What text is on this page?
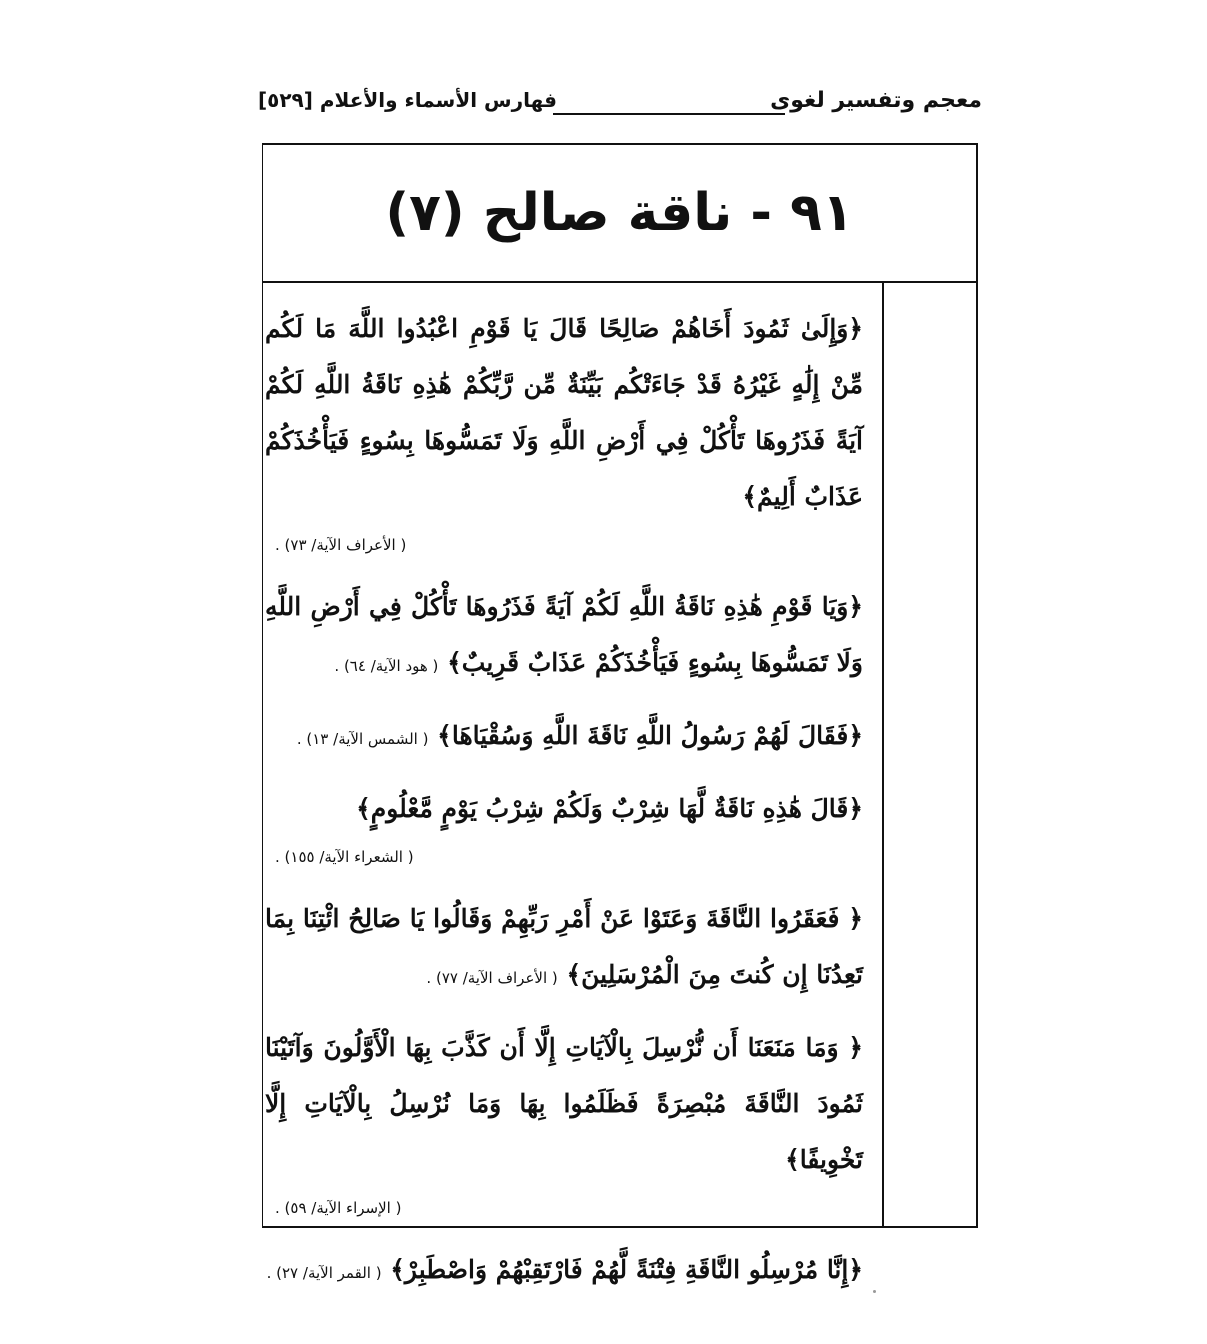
معجم وتفسير لغوى
فهارس الأسماء والأعلام [٥٢٩]
٩١ - ناقة صالح (٧)
﴿وَإِلَىٰ ثَمُودَ أَخَاهُمْ صَالِحًا قَالَ يَا قَوْمِ اعْبُدُوا اللَّهَ مَا لَكُم مِّنْ إِلَٰهٍ غَيْرُهُ قَدْ جَاءَتْكُم بَيِّنَةٌ مِّن رَّبِّكُمْ هَٰذِهِ نَاقَةُ اللَّهِ لَكُمْ آيَةً فَذَرُوهَا تَأْكُلْ فِي أَرْضِ اللَّهِ وَلَا تَمَسُّوهَا بِسُوءٍ فَيَأْخُذَكُمْ عَذَابٌ أَلِيمٌ﴾
( الأعراف الآية/ ٧٣) .
﴿وَيَا قَوْمِ هَٰذِهِ نَاقَةُ اللَّهِ لَكُمْ آيَةً فَذَرُوهَا تَأْكُلْ فِي أَرْضِ اللَّهِ وَلَا تَمَسُّوهَا بِسُوءٍ فَيَأْخُذَكُمْ عَذَابٌ قَرِيبٌ﴾ ( هود الآية/ ٦٤) .
﴿فَقَالَ لَهُمْ رَسُولُ اللَّهِ نَاقَةَ اللَّهِ وَسُقْيَاهَا﴾ ( الشمس الآية/ ١٣) .
﴿قَالَ هَٰذِهِ نَاقَةٌ لَّهَا شِرْبٌ وَلَكُمْ شِرْبُ يَوْمٍ مَّعْلُومٍ﴾
( الشعراء الآية/ ١٥٥) .
﴿ فَعَقَرُوا النَّاقَةَ وَعَتَوْا عَنْ أَمْرِ رَبِّهِمْ وَقَالُوا يَا صَالِحُ ائْتِنَا بِمَا تَعِدُنَا إِن كُنتَ مِنَ الْمُرْسَلِينَ﴾ ( الأعراف الآية/ ٧٧) .
﴿ وَمَا مَنَعَنَا أَن نُّرْسِلَ بِالْآيَاتِ إِلَّا أَن كَذَّبَ بِهَا الْأَوَّلُونَ وَآتَيْنَا ثَمُودَ النَّاقَةَ مُبْصِرَةً فَظَلَمُوا بِهَا وَمَا نُرْسِلُ بِالْآيَاتِ إِلَّا تَخْوِيفًا﴾
( الإسراء الآية/ ٥٩) .
﴿إِنَّا مُرْسِلُو النَّاقَةِ فِتْنَةً لَّهُمْ فَارْتَقِبْهُمْ وَاصْطَبِرْ﴾ ( القمر الآية/ ٢٧) .
